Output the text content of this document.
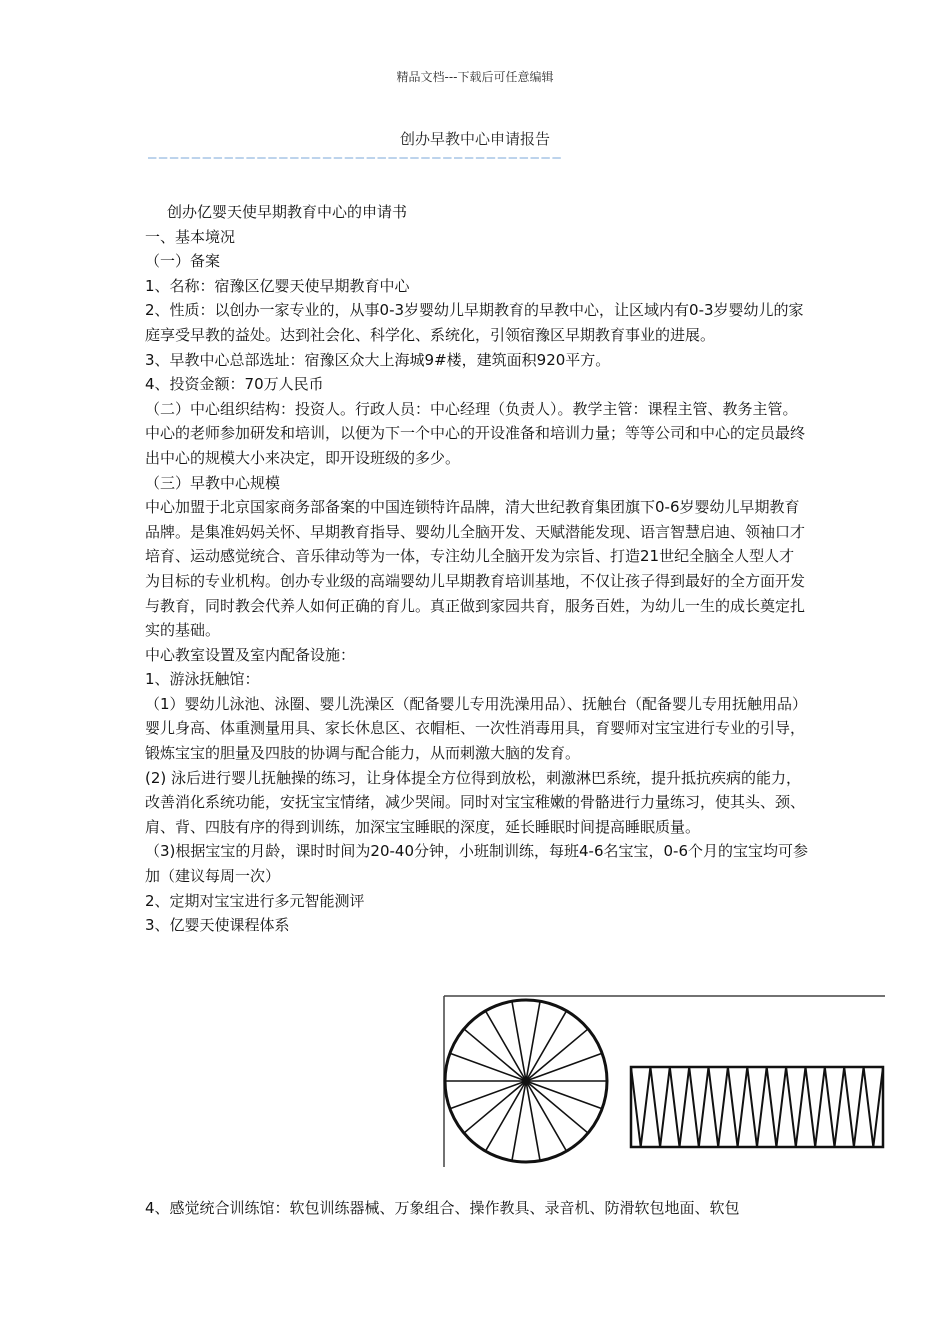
精品文档---下载后可任意编辑
创办早教中心申请报告
——————————————————————————————————————

创办亿婴天使早期教育中心的申请书

一、基本境况

（一）备案

1、名称：宿豫区亿婴天使早期教育中心

2、性质：以创办一家专业的，从事0-3岁婴幼儿早期教育的早教中心，让区域内有0-3岁婴幼儿的家庭享受早教的益处。达到社会化、科学化、系统化，引领宿豫区早期教育事业的进展。

3、早教中心总部选址：宿豫区众大上海城9#楼，建筑面积920平方。

4、投资金额：70万人民币

（二）中心组织结构：投资人。行政人员：中心经理（负责人）。教学主管：课程主管、教务主管。中心的老师参加研发和培训，以便为下一个中心的开设准备和培训力量；等等公司和中心的定员最终出中心的规模大小来决定，即开设班级的多少。

（三）早教中心规模

中心加盟于北京国家商务部备案的中国连锁特许品牌，清大世纪教育集团旗下0-6岁婴幼儿早期教育品牌。是集准妈妈关怀、早期教育指导、婴幼儿全脑开发、天赋潜能发现、语言智慧启迪、领袖口才培育、运动感觉统合、音乐律动等为一体，专注幼儿全脑开发为宗旨、打造21世纪全脑全人型人才为目标的专业机构。创办专业级的高端婴幼儿早期教育培训基地，不仅让孩子得到最好的全方面开发与教育，同时教会代养人如何正确的育儿。真正做到家园共育，服务百姓，为幼儿一生的成长奠定扎实的基础。

中心教室设置及室内配备设施：

1、游泳抚触馆：

（1）婴幼儿泳池、泳圈、婴儿洗澡区（配备婴儿专用洗澡用品）、抚触台（配备婴儿专用抚触用品）婴儿身高、体重测量用具、家长休息区、衣帽柜、一次性消毒用具，育婴师对宝宝进行专业的引导，锻炼宝宝的胆量及四肢的协调与配合能力，从而刺激大脑的发育。

(2) 泳后进行婴儿抚触操的练习，让身体提全方位得到放松，刺激淋巴系统，提升抵抗疾病的能力，改善消化系统功能，安抚宝宝情绪，减少哭闹。同时对宝宝稚嫩的骨骼进行力量练习，使其头、颈、肩、背、四肢有序的得到训练，加深宝宝睡眠的深度，延长睡眠时间提高睡眠质量。

（3)根据宝宝的月龄，课时时间为20-40分钟，小班制训练，每班4-6名宝宝，0-6个月的宝宝均可参加（建议每周一次）

2、定期对宝宝进行多元智能测评

3、亿婴天使课程体系

4、感觉统合训练馆：软包训练器械、万象组合、操作教具、录音机、防滑软包地面、软包
